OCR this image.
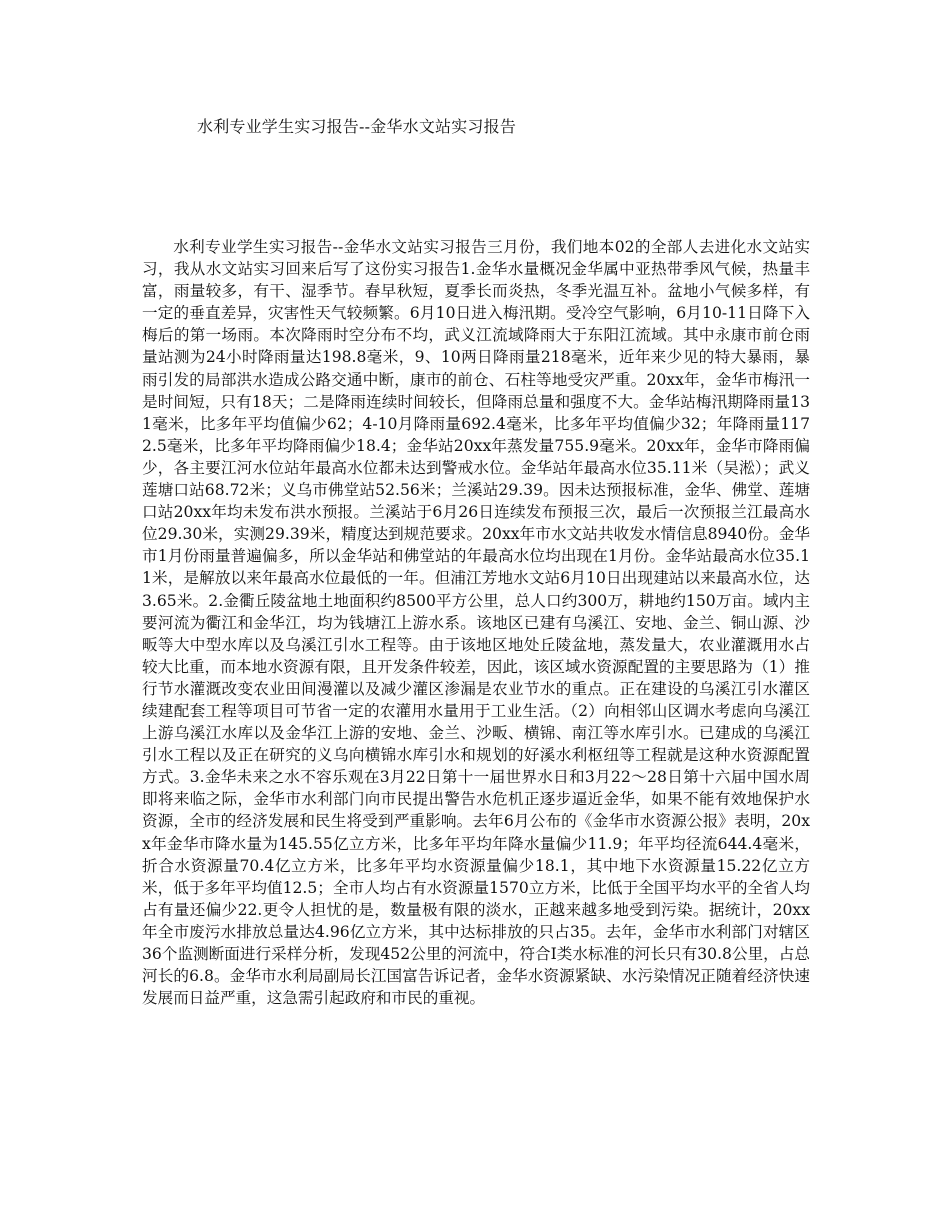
水利专业学生实习报告--金华水文站实习报告

水利专业学生实习报告--金华水文站实习报告三月份，我们地本02的全部人去进化水文站实习，我从水文站实习回来后写了这份实习报告1.金华水量概况金华属中亚热带季风气候，热量丰富，雨量较多，有干、湿季节。春早秋短，夏季长而炎热，冬季光温互补。盆地小气候多样，有一定的垂直差异，灾害性天气较频繁。6月10日进入梅汛期。受冷空气影响，6月10-11日降下入梅后的第一场雨。本次降雨时空分布不均，武义江流域降雨大于东阳江流域。其中永康市前仓雨量站测为24小时降雨量达198.8毫米，9、10两日降雨量218毫米，近年来少见的特大暴雨，暴雨引发的局部洪水造成公路交通中断，康市的前仓、石柱等地受灾严重。20xx年，金华市梅汛一是时间短，只有18天；二是降雨连续时间较长，但降雨总量和强度不大。金华站梅汛期降雨量131毫米，比多年平均值偏少62；4-10月降雨量692.4毫米，比多年平均值偏少32；年降雨量1172.5毫米，比多年平均降雨偏少18.4；金华站20xx年蒸发量755.9毫米。20xx年，金华市降雨偏少，各主要江河水位站年最高水位都未达到警戒水位。金华站年最高水位35.11米（吴淞）；武义莲塘口站68.72米；义乌市佛堂站52.56米；兰溪站29.39。因未达预报标准，金华、佛堂、莲塘口站20xx年均未发布洪水预报。兰溪站于6月26日连续发布预报三次，最后一次预报兰江最高水位29.30米，实测29.39米，精度达到规范要求。20xx年市水文站共收发水情信息8940份。金华市1月份雨量普遍偏多，所以金华站和佛堂站的年最高水位均出现在1月份。金华站最高水位35.11米，是解放以来年最高水位最低的一年。但浦江芳地水文站6月10日出现建站以来最高水位，达3.65米。2.金衢丘陵盆地土地面积约8500平方公里，总人口约300万，耕地约150万亩。域内主要河流为衢江和金华江，均为钱塘江上游水系。该地区已建有乌溪江、安地、金兰、铜山源、沙畈等大中型水库以及乌溪江引水工程等。由于该地区地处丘陵盆地，蒸发量大，农业灌溉用水占较大比重，而本地水资源有限，且开发条件较差，因此，该区域水资源配置的主要思路为（1）推行节水灌溉改变农业田间漫灌以及减少灌区渗漏是农业节水的重点。正在建设的乌溪江引水灌区续建配套工程等项目可节省一定的农灌用水量用于工业生活。（2）向相邻山区调水考虑向乌溪江上游乌溪江水库以及金华江上游的安地、金兰、沙畈、横锦、南江等水库引水。已建成的乌溪江引水工程以及正在研究的义乌向横锦水库引水和规划的好溪水利枢纽等工程就是这种水资源配置方式。3.金华未来之水不容乐观在3月22日第十一届世界水日和3月22～28日第十六届中国水周即将来临之际，金华市水利部门向市民提出警告水危机正逐步逼近金华，如果不能有效地保护水资源，全市的经济发展和民生将受到严重影响。去年6月公布的《金华市水资源公报》表明，20xx年金华市降水量为145.55亿立方米，比多年平均年降水量偏少11.9；年平均径流644.4毫米，折合水资源量70.4亿立方米，比多年平均水资源量偏少18.1，其中地下水资源量15.22亿立方米，低于多年平均值12.5；全市人均占有水资源量1570立方米，比低于全国平均水平的全省人均占有量还偏少22.更令人担忧的是，数量极有限的淡水，正越来越多地受到污染。据统计，20xx年全市废污水排放总量达4.96亿立方米，其中达标排放的只占35。去年，金华市水利部门对辖区36个监测断面进行采样分析，发现452公里的河流中，符合Ⅰ类水标准的河长只有30.8公里，占总河长的6.8。金华市水利局副局长江国富告诉记者，金华水资源紧缺、水污染情况正随着经济快速发展而日益严重，这急需引起政府和市民的重视。
